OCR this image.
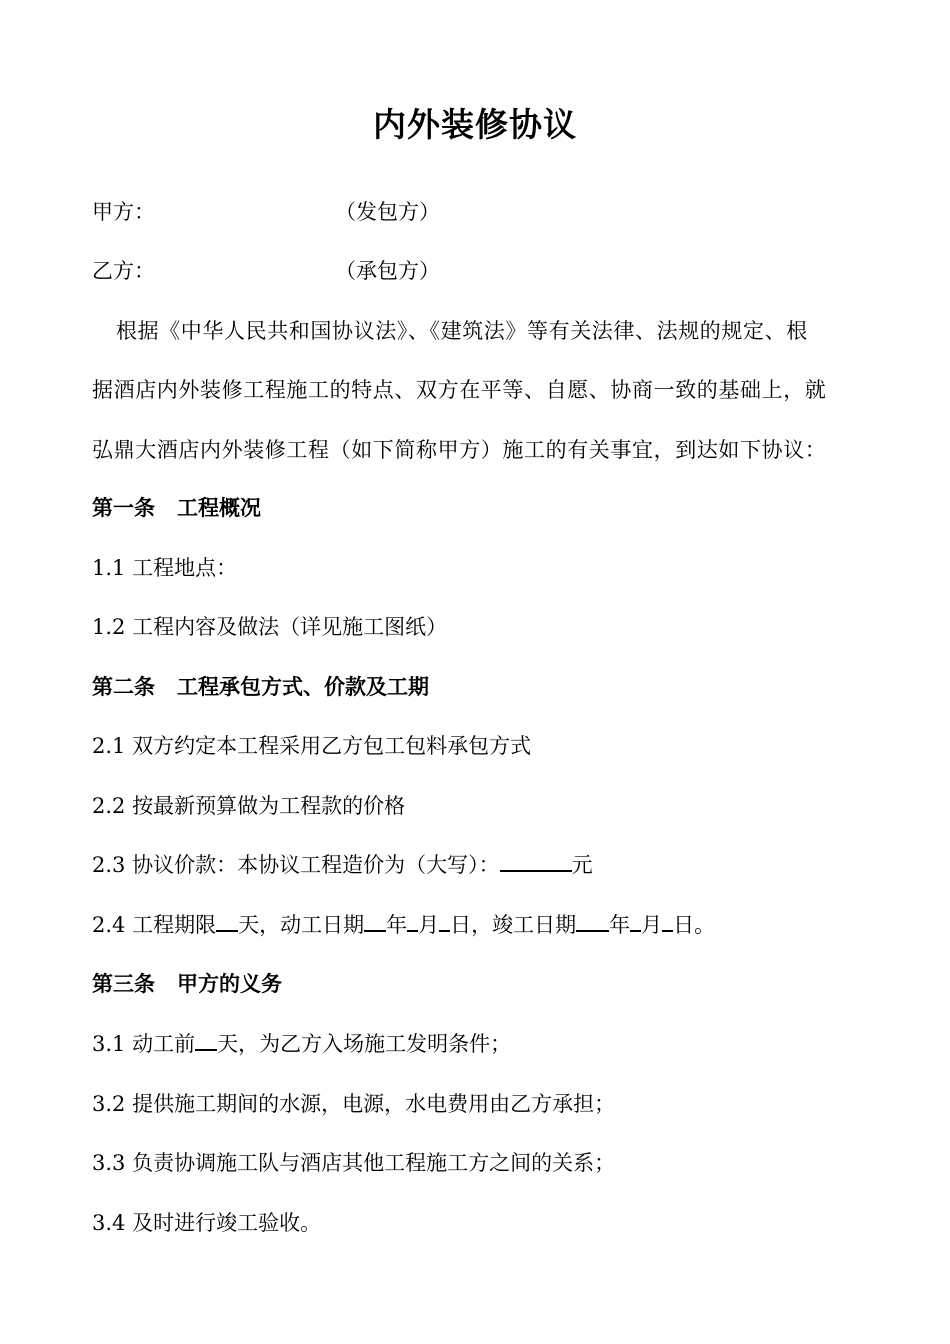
内外装修协议
甲方：	（发包方）
乙方：	（承包方）
根据《中华人民共和国协议法》、《建筑法》等有关法律、法规的规定、根
据酒店内外装修工程施工的特点、双方在平等、自愿、协商一致的基础上，就
弘鼎大酒店内外装修工程（如下简称甲方）施工的有关事宜，到达如下协议：
第一条 工程概况
1.1 工程地点：
1.2 工程内容及做法（详见施工图纸）
第二条 工程承包方式、价款及工期
2.1 双方约定本工程采用乙方包工包料承包方式
2.2 按最新预算做为工程款的价格
2.3 协议价款：本协议工程造价为（大写）：	元
2.4 工程期限 天，动工日期 年 月 日，竣工日期 年 月 日。
第三条 甲方的义务
3.1 动工前 天，为乙方入场施工发明条件；
3.2 提供施工期间的水源，电源，水电费用由乙方承担；
3.3 负责协调施工队与酒店其他工程施工方之间的关系；
3.4 及时进行竣工验收。
